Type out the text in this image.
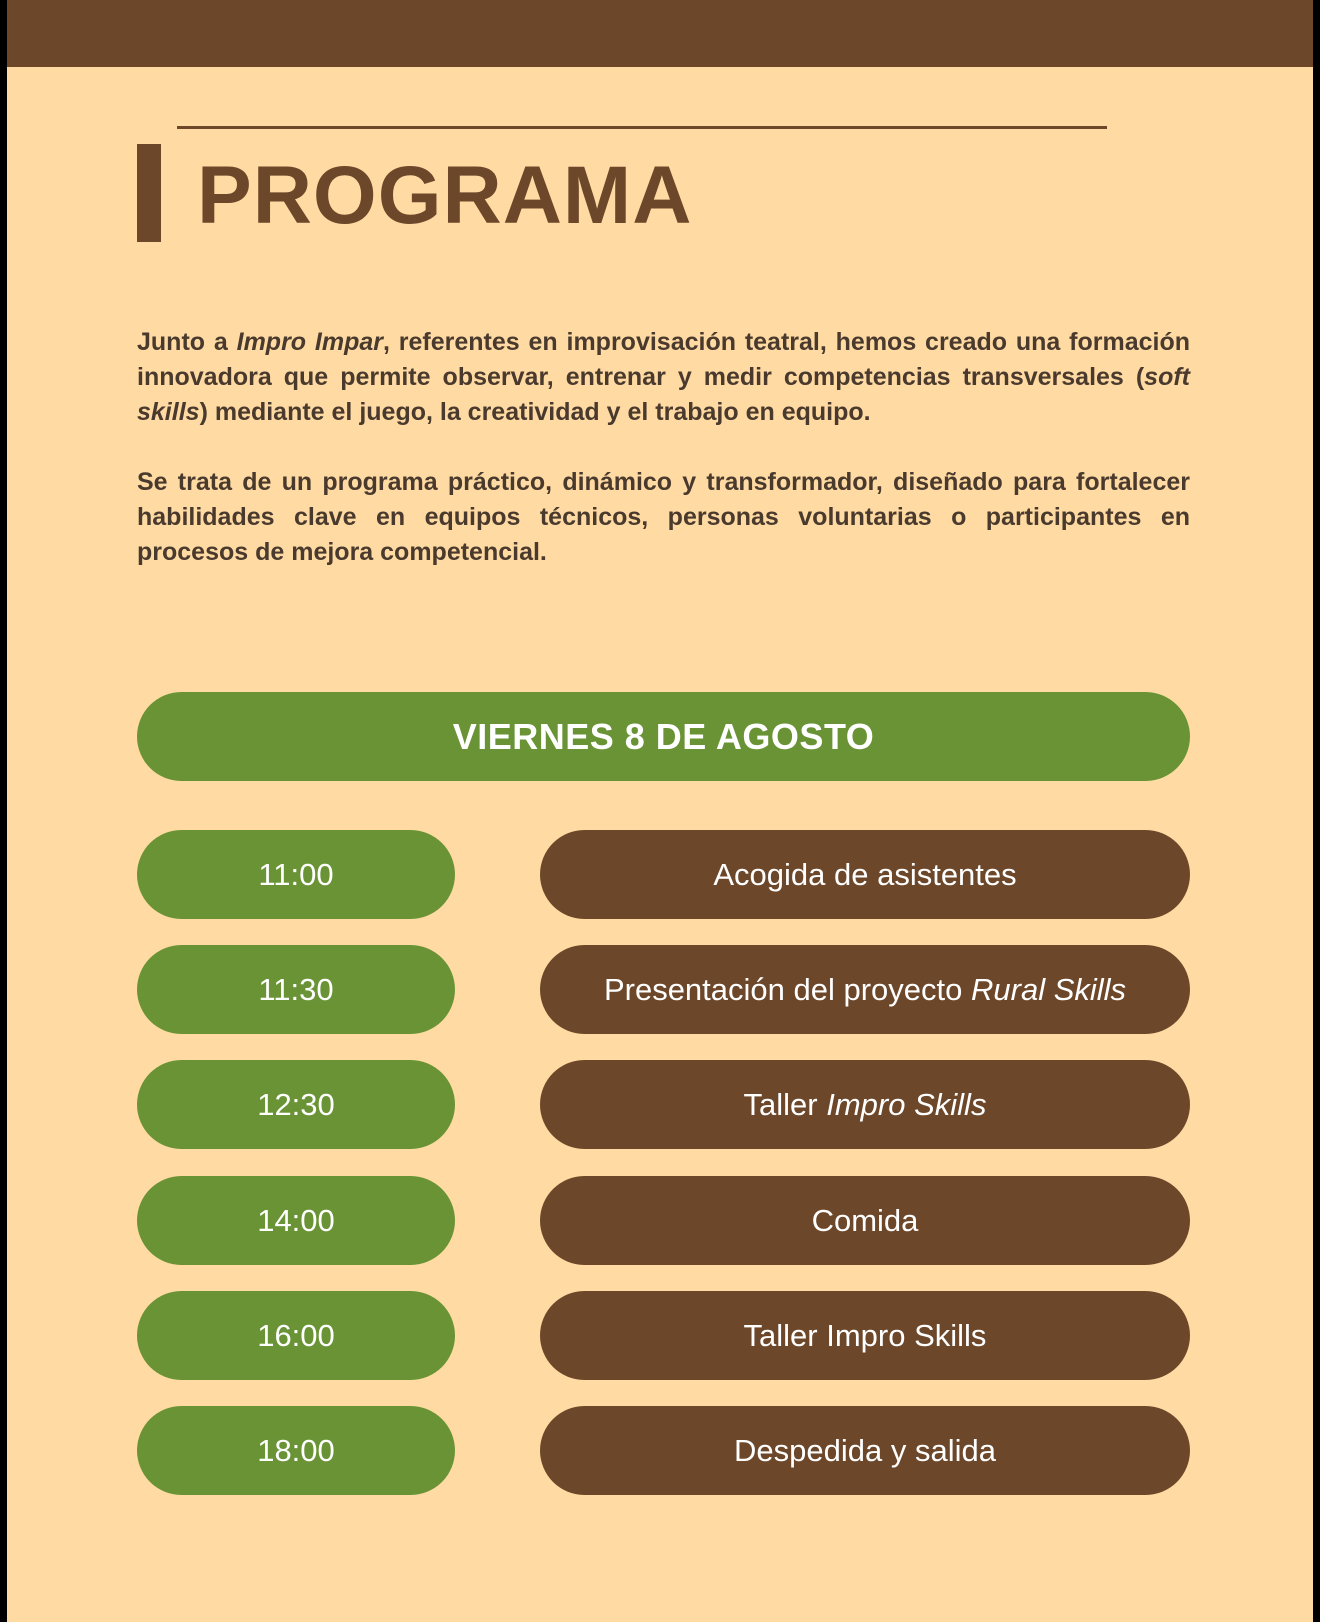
PROGRAMA

Junto a Impro Impar, referentes en improvisación teatral, hemos creado una formación innovadora que permite observar, entrenar y medir competencias transversales (soft skills) mediante el juego, la creatividad y el trabajo en equipo.

Se trata de un programa práctico, dinámico y transformador, diseñado para fortalecer habilidades clave en equipos técnicos, personas voluntarias o participantes en procesos de mejora competencial.

VIERNES 8 DE AGOSTO
11:00	Acogida de asistentes
11:30	Presentación del proyecto Rural Skills
12:30	Taller Impro Skills
14:00	Comida
16:00	Taller Impro Skills
18:00	Despedida y salida
